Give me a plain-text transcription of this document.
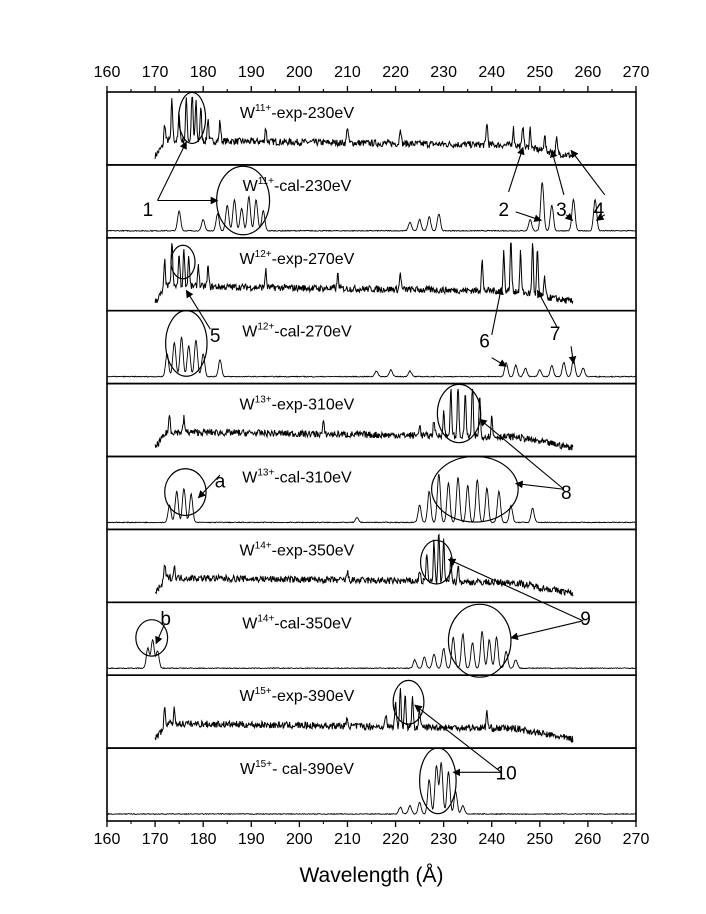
$W^{11+}-\exp-230eV$
$W^{11+}-cal-230eV$
$W^{12+}-\exp-270eV$
$W^{12+}-cal-270eV$
$W^{13+}-\exp-310eV$
$W^{13+}-cal-310eV$
$W^{14+}-\exp-350eV$
$W^{14+}-cal-350eV$
$W^{15+}-\exp-390eV$
$W^{15+}-$ cal-390eV
1	2 3 4
5	6	7
a
8
b	9
10
160
160
170
170
180
180
190
190
200
200
210
210
220
220
230
230
240
240
250
250
260
260
270
270
Wavelength (Å)
